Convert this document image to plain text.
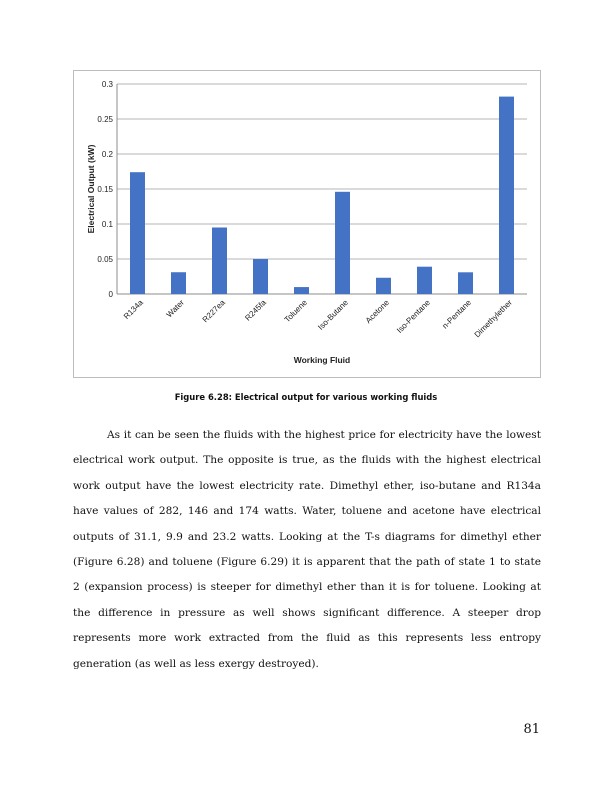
0
0.05
0.1
0.15
0.2
0.25
0.3
R134a Water R227ea R245fa Toluene Iso-Butane Acetone Iso-Pentane n-Pentane Dimethylether
Electrical Output (kW)
Working Fluid
Figure 6.28: Electrical output for various working fluids

As it can be seen the fluids with the highest price for electricity have the lowest electrical work output. The opposite is true, as the fluids with the highest electrical work output have the lowest electricity rate. Dimethyl ether, iso-butane and R134a have values of 282, 146 and 174 watts. Water, toluene and acetone have electrical outputs of 31.1, 9.9 and 23.2 watts. Looking at the T-s diagrams for dimethyl ether (Figure 6.28) and toluene (Figure 6.29) it is apparent that the path of state 1 to state 2 (expansion process) is steeper for dimethyl ether than it is for toluene. Looking at the difference in pressure as well shows significant difference. A steeper drop represents more work extracted from the fluid as this represents less entropy generation (as well as less exergy destroyed).

81
